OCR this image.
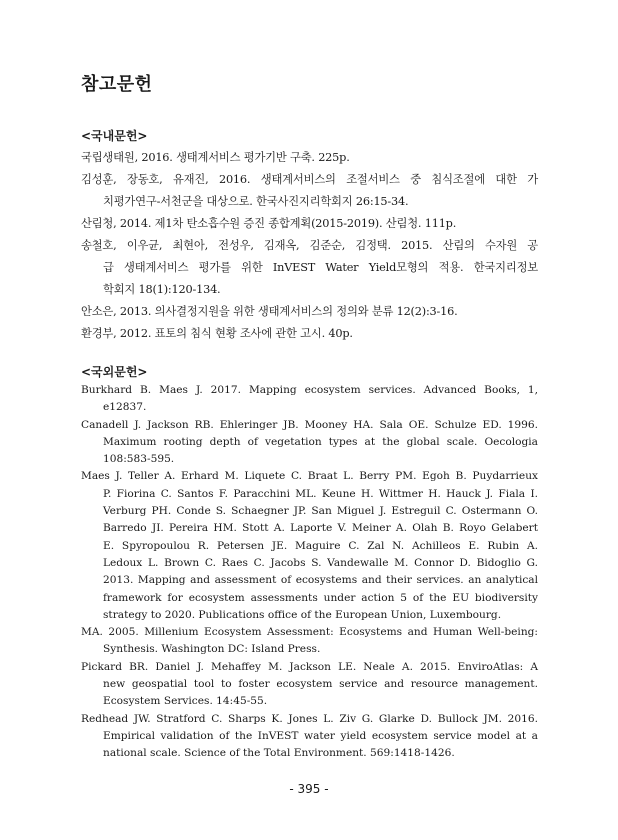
참고문헌
<국내문헌>
국립생태원, 2016. 생태계서비스 평가기반 구축. 225p.
김성훈, 장동호, 유재진, 2016. 생태계서비스의 조절서비스 중 침식조절에 대한 가
치평가연구-서천군을 대상으로. 한국사진지리학회지 26:15-34.
산림청, 2014. 제1차 탄소흡수원 증진 종합계획(2015-2019). 산림청. 111p.
송철호, 이우균, 최현아, 전성우, 김재옥, 김준순, 김정택. 2015. 산림의 수자원 공
급 생태계서비스 평가를 위한 InVEST Water Yield모형의 적용. 한국지리정보
학회지 18(1):120-134.
안소은, 2013. 의사결정지원을 위한 생태계서비스의 정의와 분류 12(2):3-16.
환경부, 2012. 표토의 침식 현황 조사에 관한 고시. 40p.
<국외문헌>
Burkhard B. Maes J. 2017. Mapping ecosystem services. Advanced Books, 1,
e12837.
Canadell J. Jackson RB. Ehleringer JB. Mooney HA. Sala OE. Schulze ED. 1996.
Maximum rooting depth of vegetation types at the global scale. Oecologia
108:583-595.
Maes J. Teller A. Erhard M. Liquete C. Braat L. Berry PM. Egoh B. Puydarrieux
P. Fiorina C. Santos F. Paracchini ML. Keune H. Wittmer H. Hauck J. Fiala I.
Verburg PH. Conde S. Schaegner JP. San Miguel J. Estreguil C. Ostermann O.
Barredo JI. Pereira HM. Stott A. Laporte V. Meiner A. Olah B. Royo Gelabert
E. Spyropoulou R. Petersen JE. Maguire C. Zal N. Achilleos E. Rubin A.
Ledoux L. Brown C. Raes C. Jacobs S. Vandewalle M. Connor D. Bidoglio G.
2013. Mapping and assessment of ecosystems and their services. an analytical
framework for ecosystem assessments under action 5 of the EU biodiversity
strategy to 2020. Publications office of the European Union, Luxembourg.
MA. 2005. Millenium Ecosystem Assessment: Ecosystems and Human Well-being:
Synthesis. Washington DC: Island Press.
Pickard BR. Daniel J. Mehaffey M. Jackson LE. Neale A. 2015. EnviroAtlas: A
new geospatial tool to foster ecosystem service and resource management.
Ecosystem Services. 14:45-55.
Redhead JW. Stratford C. Sharps K. Jones L. Ziv G. Glarke D. Bullock JM. 2016.
Empirical validation of the InVEST water yield ecosystem service model at a
national scale. Science of the Total Environment. 569:1418-1426.
- 395 -
